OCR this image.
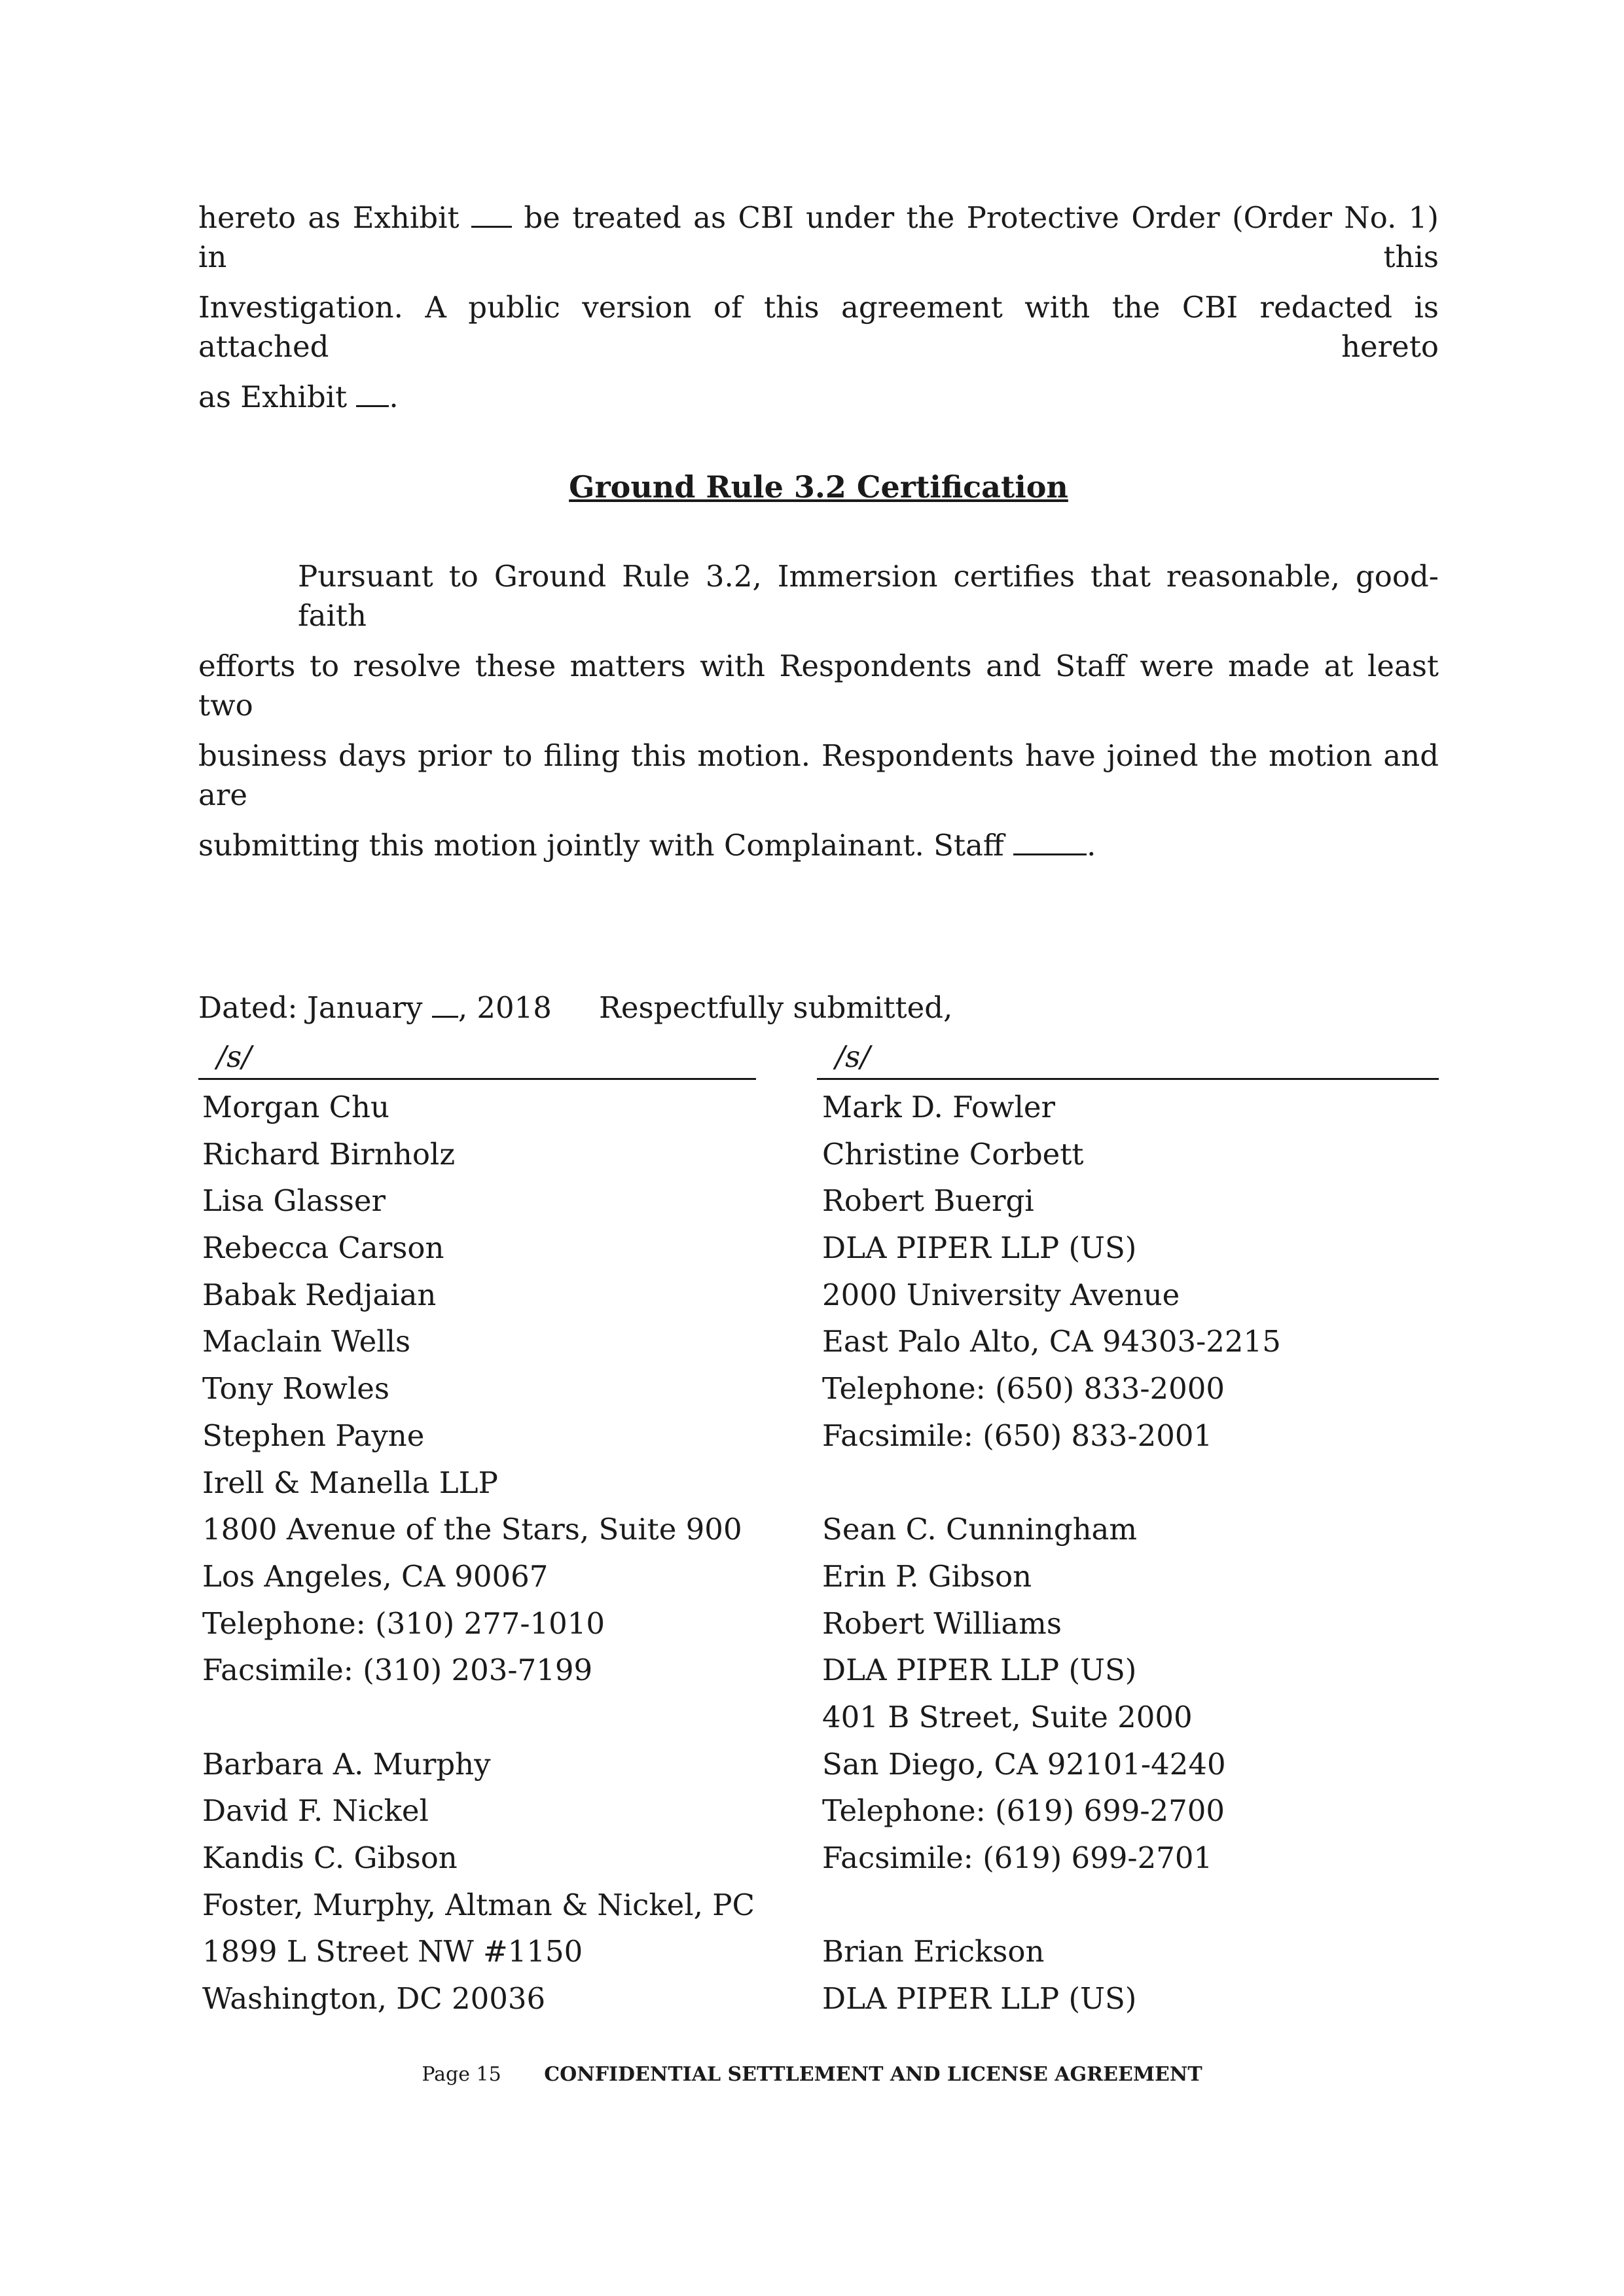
hereto as Exhibit be treated as CBI under the Protective Order (Order No. 1) in this
Investigation. A public version of this agreement with the CBI redacted is attached hereto
as Exhibit .
Ground Rule 3.2 Certification
Pursuant to Ground Rule 3.2, Immersion certifies that reasonable, good-faith
efforts to resolve these matters with Respondents and Staff were made at least two
business days prior to filing this motion. Respondents have joined the motion and are
submitting this motion jointly with Complainant. Staff	.
Dated: January , 2018 Respectfully submitted,
/s/	/s/
Morgan Chu
Richard Birnholz
Lisa Glasser
Rebecca Carson
Babak Redjaian
Maclain Wells
Tony Rowles
Stephen Payne
Irell & Manella LLP
1800 Avenue of the Stars, Suite 900
Los Angeles, CA 90067
Telephone: (310) 277-1010
Facsimile: (310) 203-7199
Barbara A. Murphy
David F. Nickel
Kandis C. Gibson
Foster, Murphy, Altman & Nickel, PC
1899 L Street NW #1150
Washington, DC 20036
Mark D. Fowler
Christine Corbett
Robert Buergi
DLA PIPER LLP (US)
2000 University Avenue
East Palo Alto, CA 94303-2215
Telephone: (650) 833-2000
Facsimile: (650) 833-2001
Sean C. Cunningham
Erin P. Gibson
Robert Williams
DLA PIPER LLP (US)
401 B Street, Suite 2000
San Diego, CA 92101-4240
Telephone: (619) 699-2700
Facsimile: (619) 699-2701
Brian Erickson
DLA PIPER LLP (US)
Page 15 CONFIDENTIAL SETTLEMENT AND LICENSE AGREEMENT
